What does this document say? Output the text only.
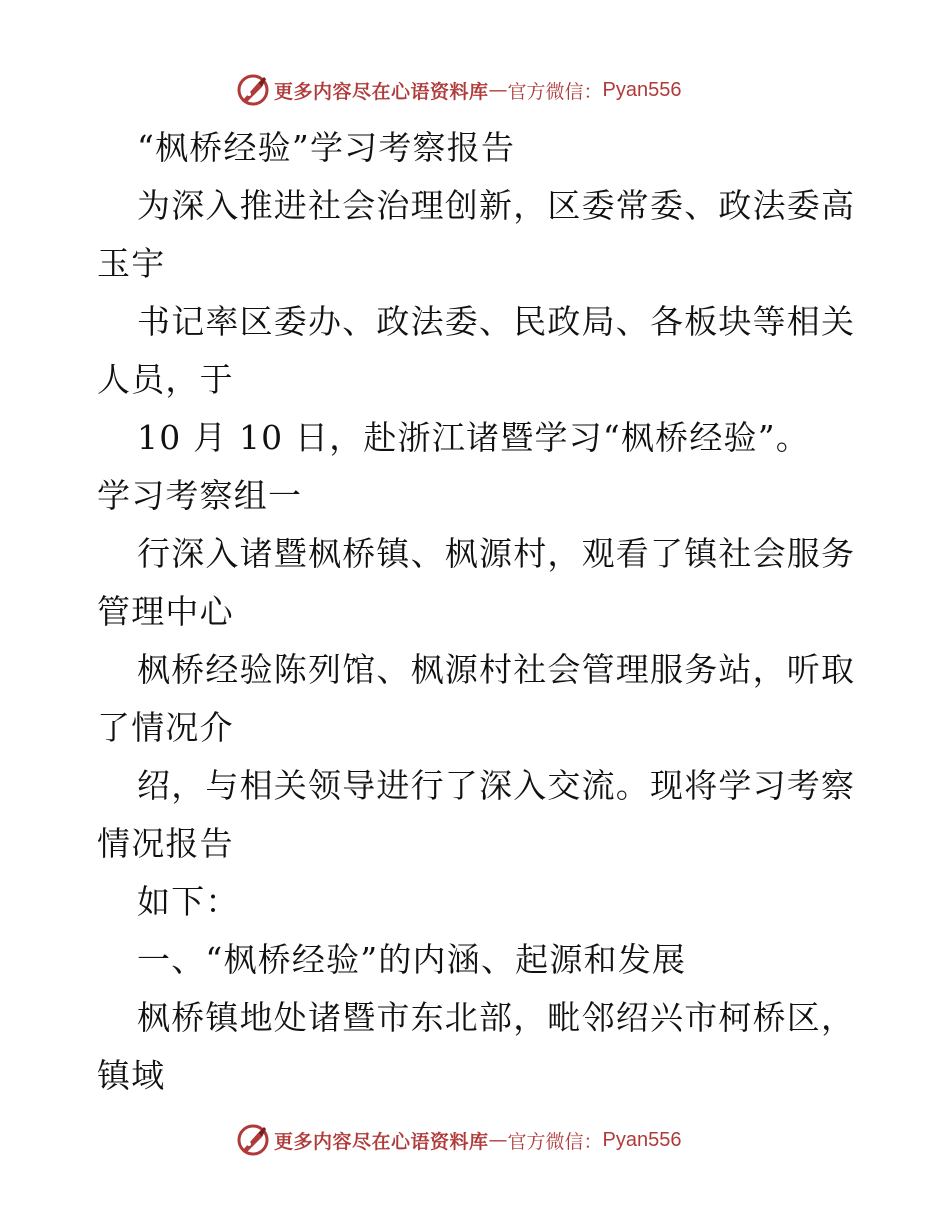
更多内容尽在心语资料库 — 官方微信： Pyan556
“枫桥经验”学习考察报告
为深入推进社会治理创新，区委常委、政法委高
玉宇
书记率区委办、政法委、民政局、各板块等相关
人员，于
10 月 10 日，赴浙江诸暨学习“枫桥经验”。
学习考察组一
行深入诸暨枫桥镇、枫源村，观看了镇社会服务
管理中心
枫桥经验陈列馆、枫源村社会管理服务站，听取
了情况介
绍，与相关领导进行了深入交流。现将学习考察
情况报告
如下：
一、“枫桥经验”的内涵、起源和发展
枫桥镇地处诸暨市东北部，毗邻绍兴市柯桥区，
镇域
更多内容尽在心语资料库 — 官方微信： Pyan556
